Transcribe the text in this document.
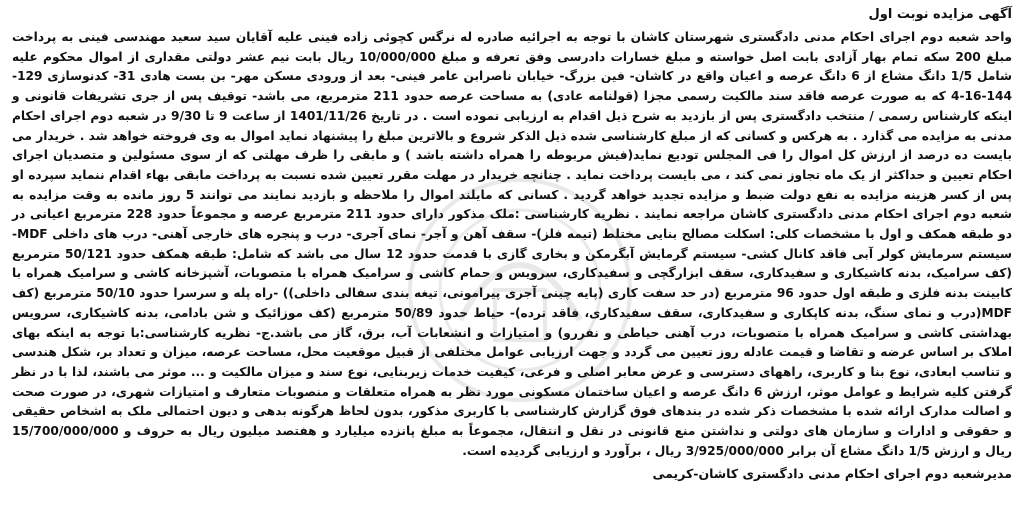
آگهی مزایده نوبت اول

واحد شعبه دوم اجرای احکام مدنی دادگستری شهرستان کاشان با توجه به اجرائیه صادره له نرگس کچوئی زاده فینی علیه آقایان سید سعید مهندسی فینی به پرداخت مبلغ 200 سکه تمام بهار آزادی بابت اصل خواسته و مبلغ خسارات دادرسی وفق تعرفه و مبلغ 10/000/000 ریال بابت نیم عشر دولتی مقداری از اموال محکوم علیه شامل 1/5 دانگ مشاع از 6 دانگ عرصه و اعیان واقع در کاشان- فین بزرگ- خیابان ناصرابن عامر فینی- بعد از ورودی مسکن مهر- بن بست هادی 31- کدنوسازی 129-144-16-4 که به صورت عرصه فاقد سند مالکیت رسمی مجزا (قولنامه عادی) به مساحت عرصه حدود 211 مترمربع، می باشد- توقیف پس از جری تشریفات قانونی و اینکه کارشناس رسمی / منتخب دادگستری پس از بازدید به شرح ذیل اقدام به ارزیابی نموده است . در تاریخ 1401/11/26 از ساعت 9 تا 9/30 در شعبه دوم اجرای احکام مدنی به مزایده می گذارد . به هرکس و کسانی که از مبلغ کارشناسی شده ذیل الذکر شروع و بالاترین مبلغ را پیشنهاد نماید اموال به وی فروخته خواهد شد . خریدار می بایست ده درصد از ارزش کل اموال را فی المجلس تودیع نماید(فیش مربوطه را همراه داشته باشد ) و مابقی را ظرف مهلتی که از سوی مسئولین و متصدیان اجرای احکام تعیین و حداکثر از یک ماه تجاوز نمی کند ، می بایست پرداخت نماید . چنانچه خریدار در مهلت مقرر تعیین شده نسبت به پرداخت مابقی بهاء اقدام ننماید سپرده او پس از کسر هزینه مزایده به نفع دولت ضبط و مزایده تجدید خواهد گردید . کسانی که مایلند اموال را ملاحظه و بازدید نمایند می توانند 5 روز مانده به وقت مزایده به شعبه دوم اجرای احکام مدنی دادگستری کاشان مراجعه نمایند . نظریه کارشناسی :ملک مذکور دارای حدود 211 مترمربع عرصه و مجموعاً حدود 228 مترمربع اعیانی در دو طبقه همکف و اول با مشخصات کلی: اسکلت مصالح بنایی مختلط (تیمه فلز)- سقف آهن و آجر- نمای آجری- درب و پنجره های خارجی آهنی- درب های داخلی MDF- سیستم سرمایش کولر آبی فاقد کانال کشی- سیستم گرمایش آبگرمکن و بخاری گازی با قدمت حدود 12 سال می باشد که شامل: طبقه همکف حدود 50/121 مترمربع (کف سرامیک، بدنه کاشیکاری و سفیدکاری، سقف ابزارگچی و سفیدکاری، سرویس و حمام کاشی و سرامیک همراه با متصوبات، آشپزخانه کاشی و سرامیک همراه با کابینت بدنه فلزی و طبقه اول حدود 96 مترمربع (در حد سفت کاری (پایه چینی آجری پیرامونی، تیغه بندی سفالی داخلی)) -راه پله و سرسرا حدود 50/10 مترمربع (کف MDF(درب و نمای سنگ، بدنه کاپکاری و سفیدکاری، سقف سفیدکاری، فاقد نرده)- حیاط حدود 50/89 مترمربع (کف موزائیک و شن بادامی، بدنه کاشیکاری، سرویس بهداشتی کاشی و سرامیک همراه با متصوبات، درب آهنی حیاطی و نفررو) و امتیازات و انشعابات آب، برق، گاز می باشد.ج- نظریه کارشناسی:با توجه به اینکه بهای املاک بر اساس عرضه و تقاضا و قیمت عادله روز تعیین می گردد و جهت ارزیابی عوامل مختلفی از قبیل موقعیت محل، مساحت عرصه، میزان و تعداد بر، شکل هندسی و تناسب ابعادی، نوع بنا و کاربری، راههای دسترسی و عرض معابر اصلی و فرعی، کیفیت خدمات زیربنایی، نوع سند و میزان مالکیت و ... موثر می باشند، لذا با در نظر گرفتن کلیه شرایط و عوامل موثر، ارزش 6 دانگ عرصه و اعیان ساختمان مسکونی مورد نظر به همراه متعلقات و منصوبات متعارف و امتیازات شهری، در صورت صحت و اصالت مدارک ارائه شده با مشخصات ذکر شده در بندهای فوق گزارش کارشناسی با کاربری مذکور، بدون لحاظ هرگونه بدهی و دیون احتمالی ملک به اشخاص حقیقی و حقوقی و ادارات و سازمان های دولتی و نداشتن منع قانونی در نقل و انتقال، مجموعاً به مبلغ پانزده میلیارد و هفتصد میلیون ریال به حروف و 15/700/000/000 ریال و ارزش 1/5 دانگ مشاع آن برابر 3/925/000/000 ریال ، برآورد و ارزیابی گردیده است.

مدیرشعبه دوم اجرای احکام مدنی دادگستری کاشان-کریمی
